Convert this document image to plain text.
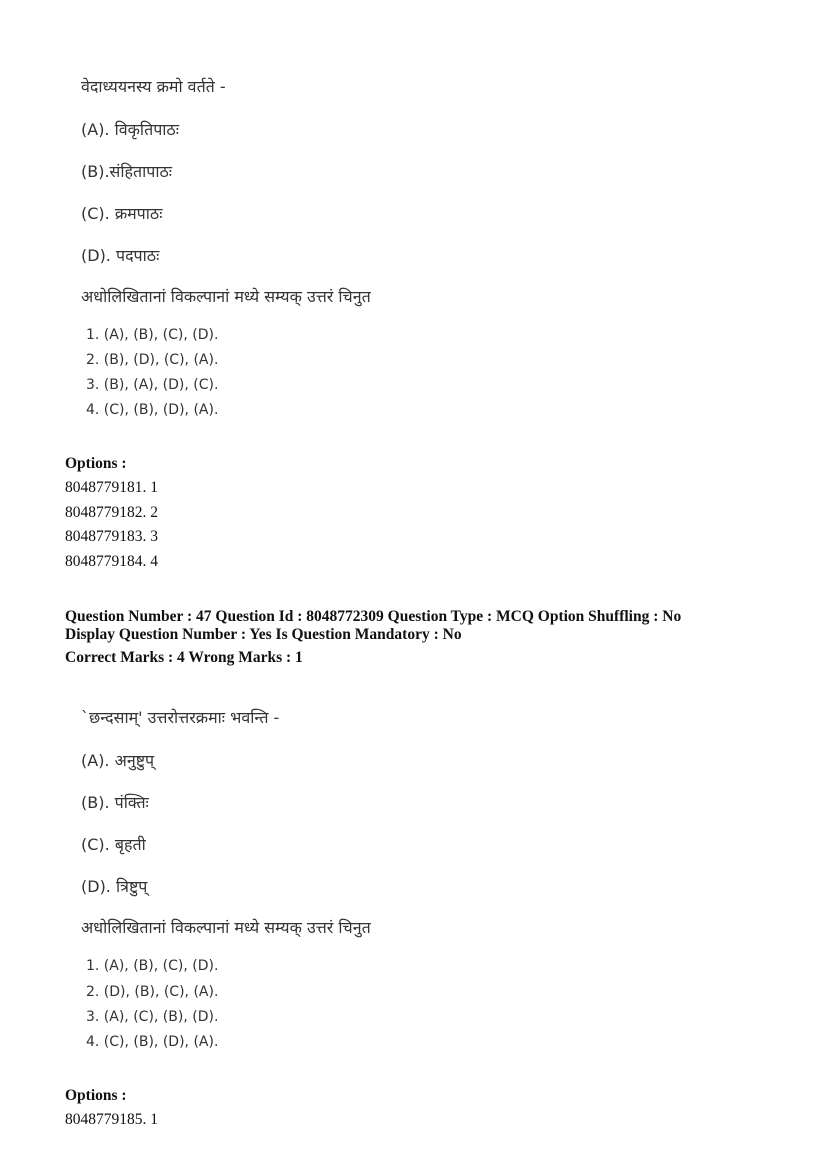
वेदाध्ययनस्य क्रमो वर्तते -
(A). विकृतिपाठः
(B).संहितापाठः
(C). क्रमपाठः
(D). पदपाठः
अधोलिखितानां विकल्पानां मध्ये सम्यक् उत्तरं चिनुत
1. (A), (B), (C), (D).
2. (B), (D), (C), (A).
3. (B), (A), (D), (C).
4. (C), (B), (D), (A).
Options :
8048779181. 1
8048779182. 2
8048779183. 3
8048779184. 4
Question Number : 47 Question Id : 8048772309 Question Type : MCQ Option Shuffling : No
Display Question Number : Yes Is Question Mandatory : No
Correct Marks : 4 Wrong Marks : 1
`छन्दसाम्' उत्तरोत्तरक्रमाः भवन्ति -
(A). अनुष्टुप्
(B). पंक्तिः
(C). बृहती
(D). त्रिष्टुप्
अधोलिखितानां विकल्पानां मध्ये सम्यक् उत्तरं चिनुत
1. (A), (B), (C), (D).
2. (D), (B), (C), (A).
3. (A), (C), (B), (D).
4. (C), (B), (D), (A).
Options :
8048779185. 1
